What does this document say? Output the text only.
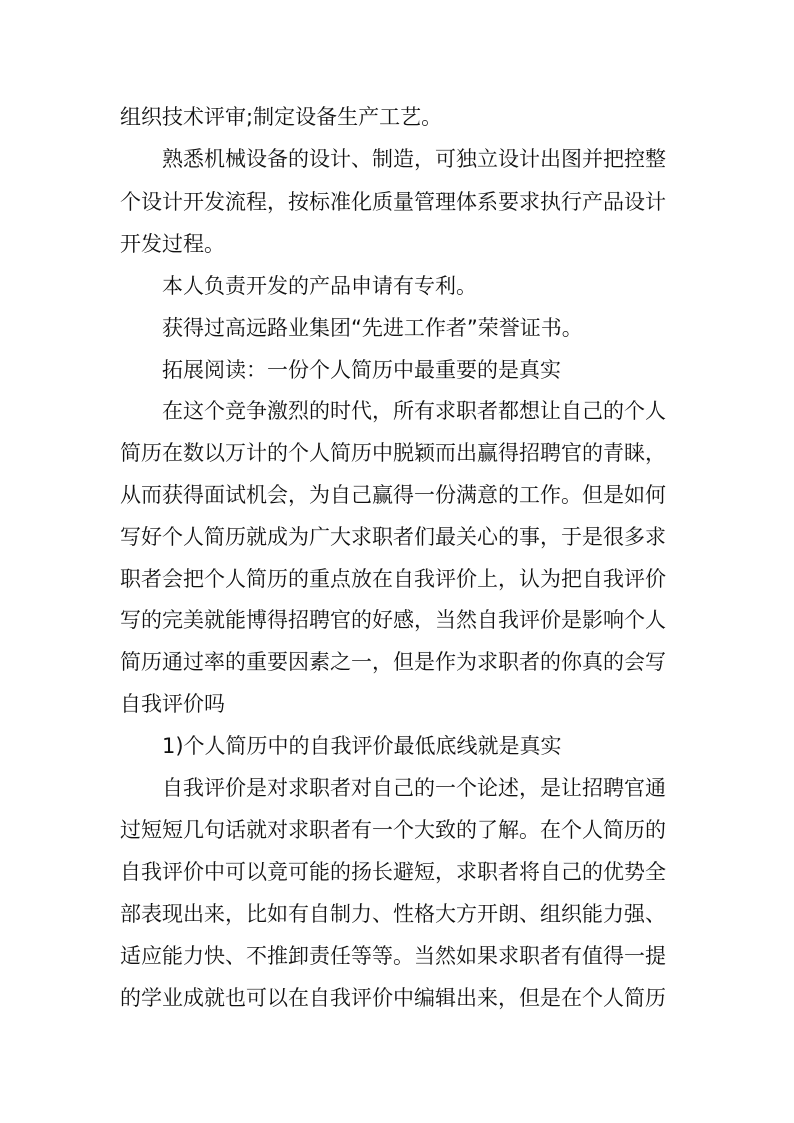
组织技术评审;制定设备生产工艺。
熟悉机械设备的设计、制造，可独立设计出图并把控整
个设计开发流程，按标准化质量管理体系要求执行产品设计
开发过程。
本人负责开发的产品申请有专利。
获得过高远路业集团“先进工作者”荣誉证书。
拓展阅读：一份个人简历中最重要的是真实
在这个竞争激烈的时代，所有求职者都想让自己的个人
简历在数以万计的个人简历中脱颖而出赢得招聘官的青睐，
从而获得面试机会，为自己赢得一份满意的工作。但是如何
写好个人简历就成为广大求职者们最关心的事，于是很多求
职者会把个人简历的重点放在自我评价上，认为把自我评价
写的完美就能博得招聘官的好感，当然自我评价是影响个人
简历通过率的重要因素之一，但是作为求职者的你真的会写
自我评价吗
1)个人简历中的自我评价最低底线就是真实
自我评价是对求职者对自己的一个论述，是让招聘官通
过短短几句话就对求职者有一个大致的了解。在个人简历的
自我评价中可以竟可能的扬长避短，求职者将自己的优势全
部表现出来，比如有自制力、性格大方开朗、组织能力强、
适应能力快、不推卸责任等等。当然如果求职者有值得一提
的学业成就也可以在自我评价中编辑出来，但是在个人简历
